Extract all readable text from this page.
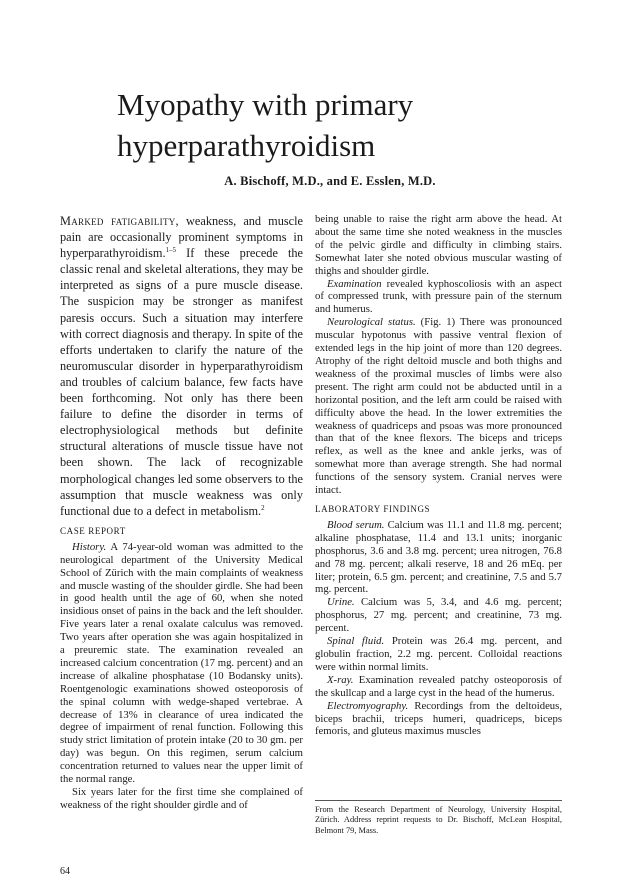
Myopathy with primary
hyperparathyroidism
A. Bischoff, M.D., and E. Esslen, M.D.

Marked fatigability, weakness, and muscle pain are occasionally prominent symptoms in hyperparathyroidism.$^{1-5}$ If these precede the classic renal and skeletal alterations, they may be interpreted as signs of a pure muscle disease. The suspicion may be stronger as manifest paresis occurs. Such a situation may interfere with correct diagnosis and therapy. In spite of the efforts undertaken to clarify the nature of the neuromuscular disorder in hyperparathyroidism and troubles of calcium balance, few facts have been forthcoming. Not only has there been failure to define the disorder in terms of electrophysiological methods but definite structural alterations of muscle tissue have not been shown. The lack of recognizable morphological changes led some observers to the assumption that muscle weakness was only functional due to a defect in metabolism.$^2$

CASE REPORT

History. A 74-year-old woman was admitted to the neurological department of the University Medical School of Zürich with the main complaints of weakness and muscle wasting of the shoulder girdle. She had been in good health until the age of 60, when she noted insidious onset of pains in the back and the left shoulder. Five years later a renal oxalate calculus was removed. Two years after operation she was again hospitalized in a preuremic state. The examination revealed an increased calcium concentration (17 mg. percent) and an increase of alkaline phosphatase (10 Bodansky units). Roentgenologic examinations showed osteoporosis of the spinal column with wedge-shaped vertebrae. A decrease of 13% in clearance of urea indicated the degree of impairment of renal function. Following this study strict limitation of protein intake (20 to 30 gm. per day) was begun. On this regimen, serum calcium concentration returned to values near the upper limit of the normal range.

Six years later for the first time she complained of weakness of the right shoulder girdle and of

being unable to raise the right arm above the head. At about the same time she noted weakness in the muscles of the pelvic girdle and difficulty in climbing stairs. Somewhat later she noted obvious muscular wasting of thighs and shoulder girdle.

Examination revealed kyphoscoliosis with an aspect of compressed trunk, with pressure pain of the sternum and humerus.

Neurological status. (Fig. 1) There was pronounced muscular hypotonus with passive ventral flexion of extended legs in the hip joint of more than 120 degrees. Atrophy of the right deltoid muscle and both thighs and weakness of the proximal muscles of limbs were also present. The right arm could not be abducted until in a horizontal position, and the left arm could be raised with difficulty above the head. In the lower extremities the weakness of quadriceps and psoas was more pronounced than that of the knee flexors. The biceps and triceps reflex, as well as the knee and ankle jerks, was of somewhat more than average strength. She had normal functions of the sensory system. Cranial nerves were intact.

LABORATORY FINDINGS

Blood serum. Calcium was 11.1 and 11.8 mg. percent; alkaline phosphatase, 11.4 and 13.1 units; inorganic phosphorus, 3.6 and 3.8 mg. percent; urea nitrogen, 76.8 and 78 mg. percent; alkali reserve, 18 and 26 mEq. per liter; protein, 6.5 gm. percent; and creatinine, 7.5 and 5.7 mg. percent.

Urine. Calcium was 5, 3.4, and 4.6 mg. percent; phosphorus, 27 mg. percent; and creatinine, 73 mg. percent.

Spinal fluid. Protein was 26.4 mg. percent, and globulin fraction, 2.2 mg. percent. Colloidal reactions were within normal limits.

X-ray. Examination revealed patchy osteoporosis of the skullcap and a large cyst in the head of the humerus.

Electromyography. Recordings from the deltoideus, biceps brachii, triceps humeri, quadriceps, biceps femoris, and gluteus maximus muscles

From the Research Department of Neurology, University Hospital, Zürich. Address reprint requests to Dr. Bischoff, McLean Hospital, Belmont 79, Mass.
64
